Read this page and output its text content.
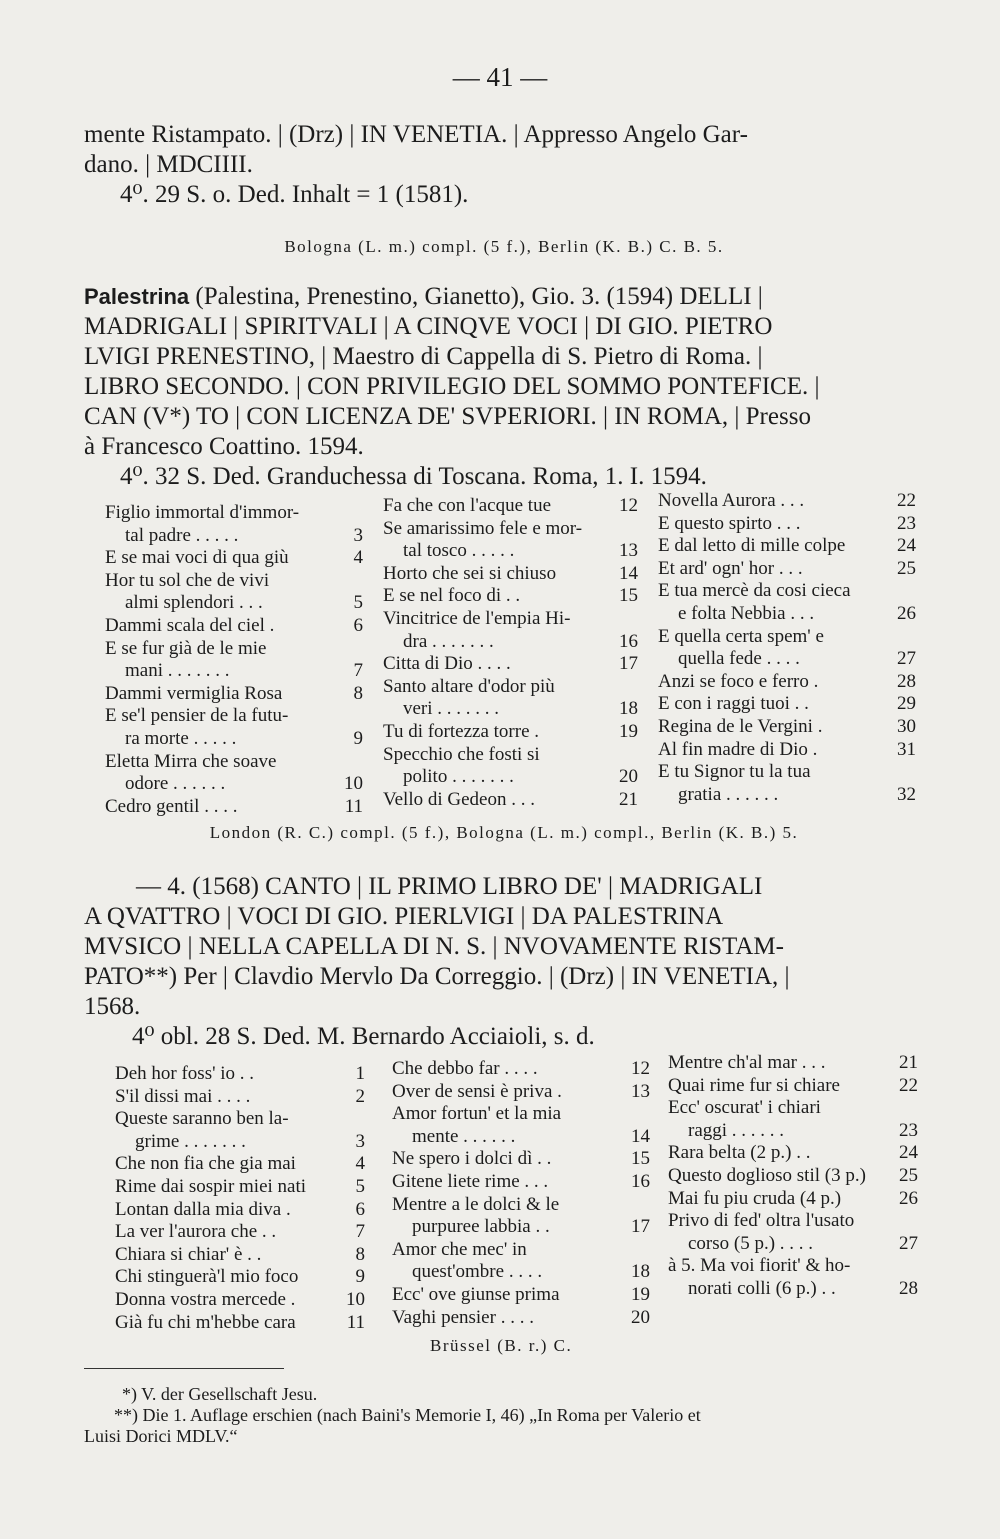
— 41 —
mente Ristampato. | (Drz) | IN VENETIA. | Appresso Angelo Gar-
dano. | MDCIIII.
4⁰. 29 S. o. Ded. Inhalt = 1 (1581).
Bologna (L. m.) compl. (5 f.), Berlin (K. B.) C. B. 5.
Palestrina (Palestina, Prenestino, Gianetto), Gio. 3. (1594) DELLI |
MADRIGALI | SPIRITVALI | A CINQVE VOCI | DI GIO. PIETRO
LVIGI PRENESTINO, | Maestro di Cappella di S. Pietro di Roma. |
LIBRO SECONDO. | CON PRIVILEGIO DEL SOMMO PONTEFICE. |
CAN (V*) TO | CON LICENZA DE' SVPERIORI. | IN ROMA, | Presso
à Francesco Coattino. 1594.
4⁰. 32 S. Ded. Granduchessa di Toscana. Roma, 1. I. 1594.
Figlio immortal d'immor-
tal padre . . . . .	3
E se mai voci di qua giù	4
Hor tu sol che de vivi
almi splendori . . .	5
Dammi scala del ciel .	6
E se fur già de le mie
mani . . . . . . .	7
Dammi vermiglia Rosa	8
E se'l pensier de la futu-
ra morte . . . . .	9
Eletta Mirra che soave
odore . . . . . .	10
Cedro gentil . . . .	11
Fa che con l'acque tue	12
Se amarissimo fele e mor-
tal tosco . . . . .	13
Horto che sei si chiuso	14
E se nel foco di . .	15
Vincitrice de l'empia Hi-
dra . . . . . . .	16
Citta di Dio . . . .	17
Santo altare d'odor più
veri . . . . . . .	18
Tu di fortezza torre .	19
Specchio che fosti si
polito . . . . . . .	20
Vello di Gedeon . . .	21
Novella Aurora . . .	22
E questo spirto . . .	23
E dal letto di mille colpe	24
Et ard' ogn' hor . . .	25
E tua mercè da cosi cieca
e folta Nebbia . . .	26
E quella certa spem' e
quella fede . . . .	27
Anzi se foco e ferro .	28
E con i raggi tuoi . .	29
Regina de le Vergini .	30
Al fin madre di Dio .	31
E tu Signor tu la tua
gratia . . . . . .	32
London (R. C.) compl. (5 f.), Bologna (L. m.) compl., Berlin (K. B.) 5.
— 4. (1568) CANTO | IL PRIMO LIBRO DE' | MADRIGALI
A QVATTRO | VOCI DI GIO. PIERLVIGI | DA PALESTRINA
MVSICO | NELLA CAPELLA DI N. S. | NVOVAMENTE RISTAM-
PATO**) Per | Clavdio Mervlo Da Correggio. | (Drz) | IN VENETIA, |
1568.
4⁰ obl. 28 S. Ded. M. Bernardo Acciaioli, s. d.
Deh hor foss' io . .	1
S'il dissi mai . . . .	2
Queste saranno ben la-
grime . . . . . . .	3
Che non fia che gia mai	4
Rime dai sospir miei nati	5
Lontan dalla mia diva .	6
La ver l'aurora che . .	7
Chiara si chiar' è . .	8
Chi stinguerà'l mio foco	9
Donna vostra mercede .	10
Già fu chi m'hebbe cara	11
Che debbo far . . . .	12
Over de sensi è priva .	13
Amor fortun' et la mia
mente . . . . . .	14
Ne spero i dolci dì . .	15
Gitene liete rime . . .	16
Mentre a le dolci & le
purpuree labbia . .	17
Amor che mec' in
quest'ombre . . . .	18
Ecc' ove giunse prima	19
Vaghi pensier . . . .	20
Mentre ch'al mar . . .	21
Quai rime fur si chiare	22
Ecc' oscurat' i chiari
raggi . . . . . .	23
Rara belta (2 p.) . .	24
Questo doglioso stil (3 p.)	25
Mai fu piu cruda (4 p.)	26
Privo di fed' oltra l'usato
corso (5 p.) . . . .	27
à 5. Ma voi fiorit' & ho-
norati colli (6 p.) . .	28
Brüssel (B. r.) C.
*) V. der Gesellschaft Jesu.
**) Die 1. Auflage erschien (nach Baini's Memorie I, 46) „In Roma per Valerio et
Luisi Dorici MDLV.“
